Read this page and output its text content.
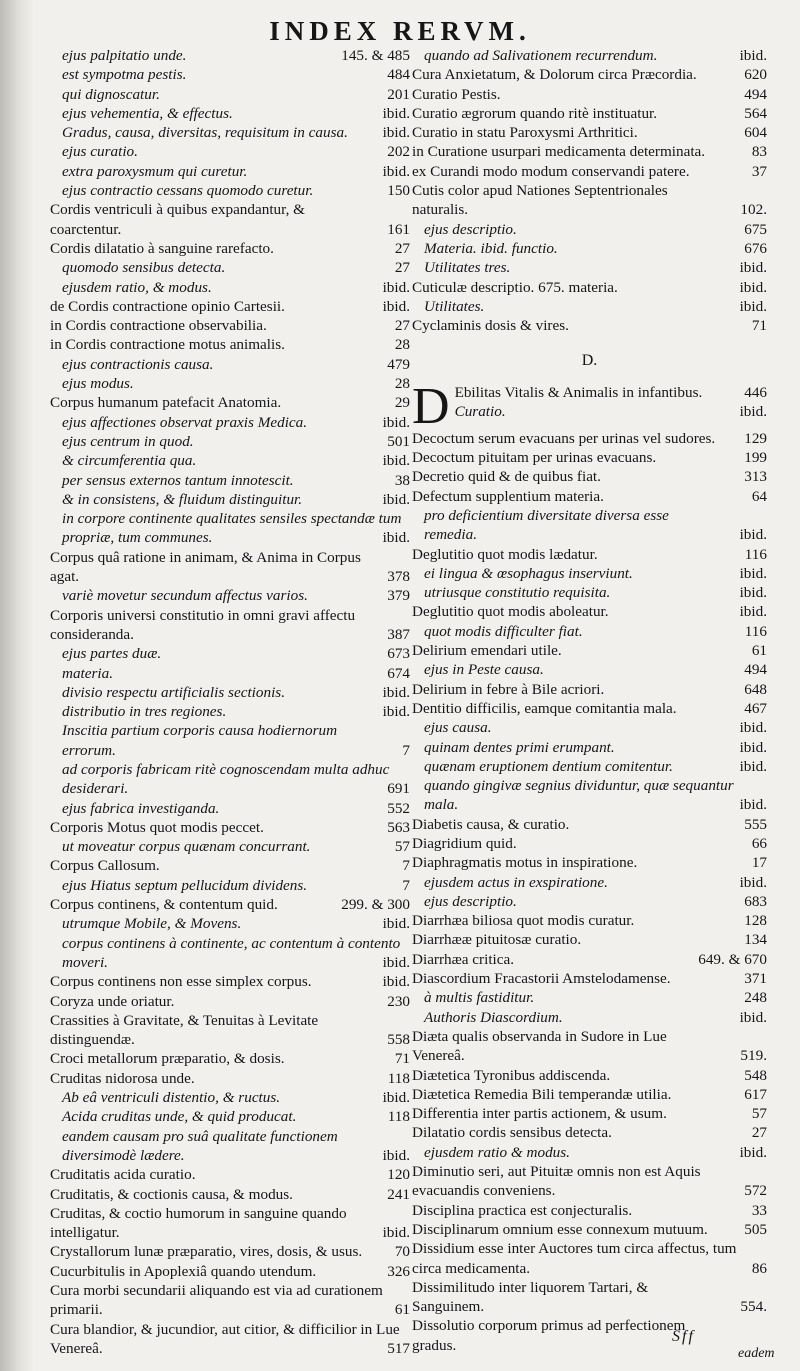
INDEX RERVM.
ejus palpitatio unde.	145. & 485
est sympotma pestis.	484
qui dignoscatur.	201
ejus vehementia, & effectus.	ibid.
Gradus, causa, diversitas, requisitum in causa. ibid.
ejus curatio.	202
extra paroxysmum qui curetur.	ibid.
ejus contractio cessans quomodo curetur.	150
Cordis ventriculi à quibus expandantur, & coarctentur.	161
Cordis dilatatio à sanguine rarefacto.	27
quomodo sensibus detecta.	27
ejusdem ratio, & modus.	ibid.
de Cordis contractione opinio Cartesii.	ibid.
in Cordis contractione observabilia.	27
in Cordis contractione motus animalis.	28
ejus contractionis causa.	479
ejus modus.	28
Corpus humanum patefacit Anatomia.	29
ejus affectiones observat praxis Medica.	ibid.
ejus centrum in quod.	501
& circumferentia qua.	ibid.
per sensus externos tantum innotescit.	38
& in consistens, & fluidum distinguitur.	ibid.
in corpore continente qualitates sensiles spectandæ tum propriæ, tum communes.	ibid.
Corpus quâ ratione in animam, & Anima in Corpus agat.	378
variè movetur secundum affectus varios.	379
Corporis universi constitutio in omni gravi affectu consideranda.	387
ejus partes duæ.	673
materia.	674
divisio respectu artificialis sectionis.	ibid.
distributio in tres regiones.	ibid.
Inscitia partium corporis causa hodiernorum errorum.	7
ad corporis fabricam ritè cognoscendam multa adhuc desiderari.	691
ejus fabrica investiganda.	552
Corporis Motus quot modis peccet.	563
ut moveatur corpus quænam concurrant.	57
Corpus Callosum.	7
ejus Hiatus septum pellucidum dividens.	7
Corpus continens, & contentum quid.	299. & 300
utrumque Mobile, & Movens.	ibid.
corpus continens à continente, ac contentum à contento moveri.	ibid.
Corpus continens non esse simplex corpus.	ibid.
Coryza unde oriatur.	230
Crassities à Gravitate, & Tenuitas à Levitate distinguendæ.	558
Croci metallorum præparatio, & dosis.	71
Cruditas nidorosa unde.	118
Ab eâ ventriculi distentio, & ructus.	ibid.
Acida cruditas unde, & quid producat.	118
eandem causam pro suâ qualitate functionem diversimodè lædere.	ibid.
Cruditatis acida curatio.	120
Cruditatis, & coctionis causa, & modus.	241
Cruditas, & coctio humorum in sanguine quando intelligatur.	ibid.
Crystallorum lunæ præparatio, vires, dosis, & usus. 70
Cucurbitulis in Apoplexiâ quando utendum.	326
Cura morbi secundarii aliquando est via ad curationem primarii.	61
Cura blandior, & jucundior, aut citior, & difficilior in Lue Venereâ.	517
quando ad Salivationem recurrendum.	ibid.
Cura Anxietatum, & Dolorum circa Præcordia.	620
Curatio Pestis.	494
Curatio ægrorum quando ritè instituatur.	564
Curatio in statu Paroxysmi Arthritici.	604
in Curatione usurpari medicamenta determinata.	83
ex Curandi modo modum conservandi patere.	37
Cutis color apud Nationes Septentrionales naturalis.	102.
ejus descriptio.	675
Materia. ibid. functio.	676
Utilitates tres.	ibid.
Cuticulæ descriptio. 675. materia.	ibid.
Utilitates.	ibid.
Cyclaminis dosis & vires.	71
D.
D Ebilitas Vitalis & Animalis in infantibus.	446
Curatio.	ibid.
Decoctum serum evacuans per urinas vel sudores. 129
Decoctum pituitam per urinas evacuans.	199
Decretio quid & de quibus fiat.	313
Defectum supplentium materia.	64
pro deficientium diversitate diversa esse remedia.	ibid.
Deglutitio quot modis lædatur.	116
ei lingua & œsophagus inserviunt.	ibid.
utriusque constitutio requisita.	ibid.
Deglutitio quot modis aboleatur.	ibid.
quot modis difficulter fiat.	116
Delirium emendari utile.	61
ejus in Peste causa.	494
Delirium in febre à Bile acriori.	648
Dentitio difficilis, eamque comitantia mala.	467
ejus causa.	ibid.
quinam dentes primi erumpant.	ibid.
quænam eruptionem dentium comitentur.	ibid.
quando gingivæ segnius dividuntur, quæ sequantur mala.	ibid.
Diabetis causa, & curatio.	555
Diagridium quid.	66
Diaphragmatis motus in inspiratione.	17
ejusdem actus in exspiratione.	ibid.
ejus descriptio.	683
Diarrhæa biliosa quot modis curatur.	128
Diarrhææ pituitosæ curatio.	134
Diarrhæa critica.	649. & 670
Diascordium Fracastorii Amstelodamense.	371
à multis fastiditur.	248
Authoris Diascordium.	ibid.
Diæta qualis observanda in Sudore in Lue Venereâ.	519.
Diætetica Tyronibus addiscenda.	548
Diætetica Remedia Bili temperandæ utilia.	617
Differentia inter partis actionem, & usum.	57
Dilatatio cordis sensibus detecta.	27
ejusdem ratio & modus.	ibid.
Diminutio seri, aut Pituitæ omnis non est Aquis evacuandis conveniens.	572
Disciplina practica est conjecturalis.	33
Disciplinarum omnium esse connexum mutuum. 505
Dissidium esse inter Auctores tum circa affectus, tum circa medicamenta.	86
Dissimilitudo inter liquorem Tartari, & Sanguinem.	554.
Dissolutio corporum primus ad perfectionem gradus.
Sff
eadem
